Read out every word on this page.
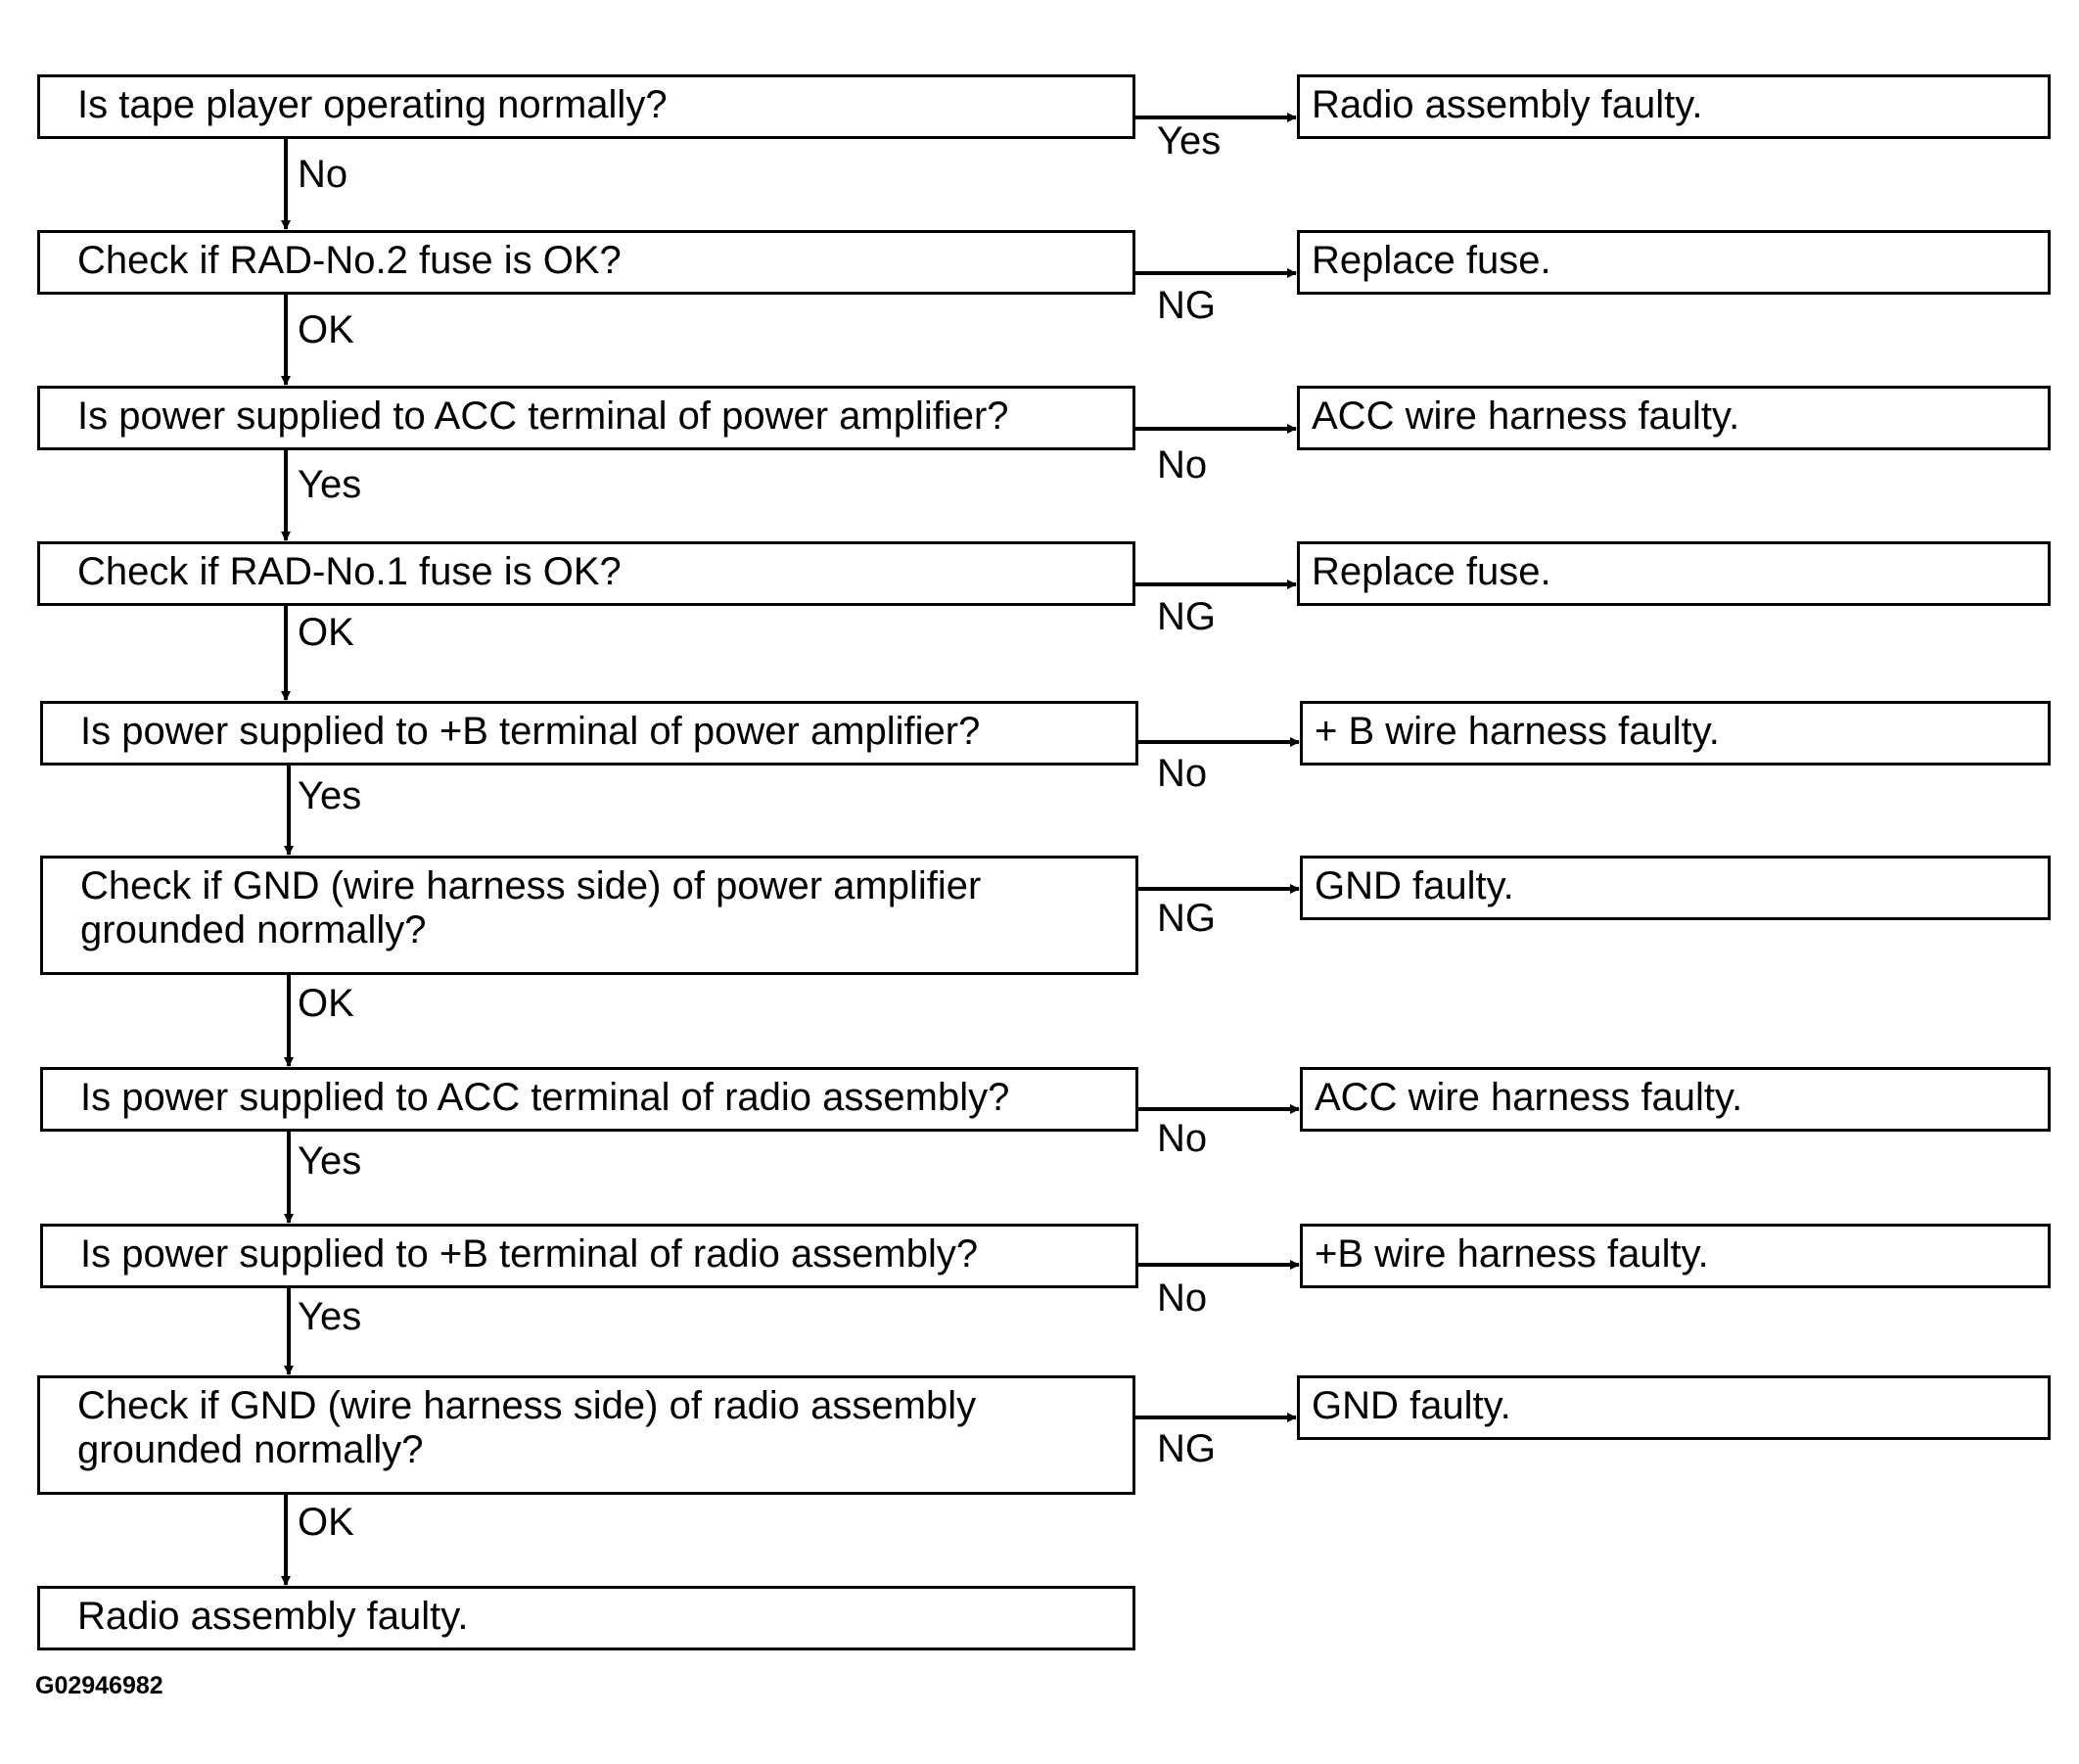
Is tape player operating normally?	Radio assembly faulty.
Yes
No
Check if RAD-No.2 fuse is OK?	Replace fuse.
NG
OK
Is power supplied to ACC terminal of power amplifier?	ACC wire harness faulty.
No
Yes
Check if RAD-No.1 fuse is OK?	Replace fuse.
NG
OK
Is power supplied to +B terminal of power amplifier?	+ B wire harness faulty.
No
Yes
Check if GND (wire harness side) of power amplifier
grounded normally?
GND faulty.
NG
OK
Is power supplied to ACC terminal of radio assembly?	ACC wire harness faulty.
No
Yes
Is power supplied to +B terminal of radio assembly?	+B wire harness faulty.
No
Yes
Check if GND (wire harness side) of radio assembly
grounded normally?
GND faulty.
NG
OK
Radio assembly faulty.
G02946982
